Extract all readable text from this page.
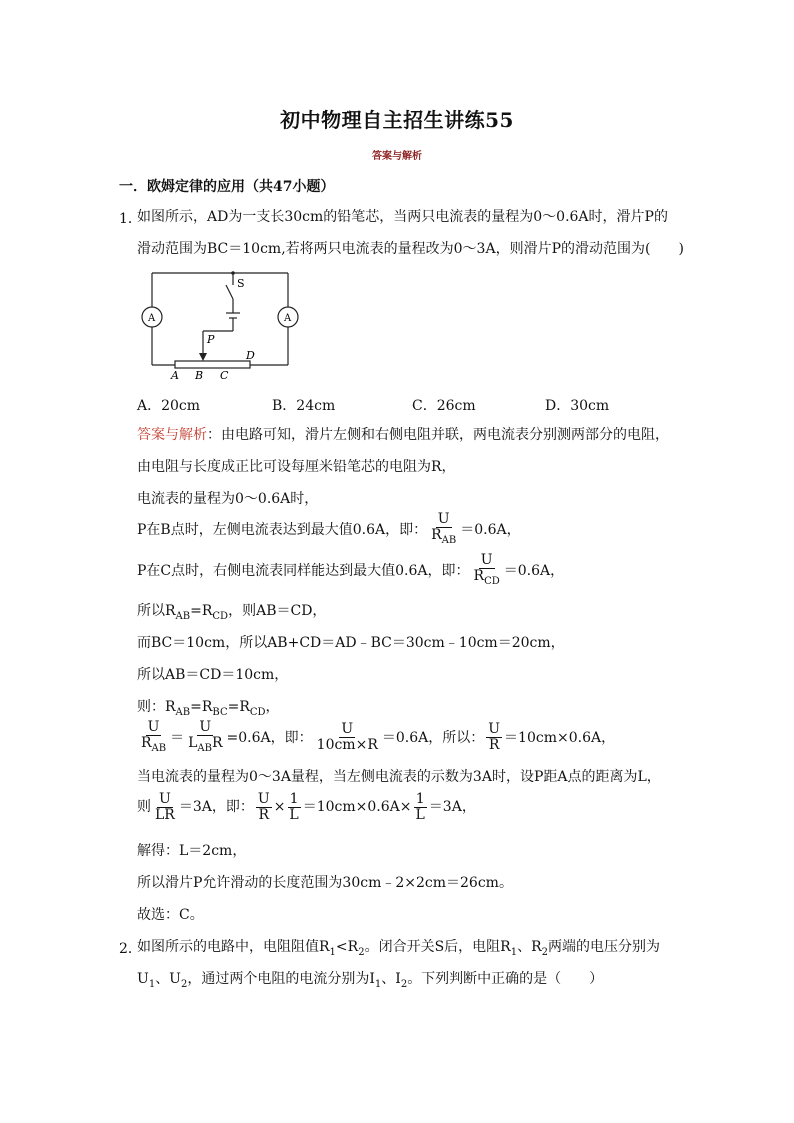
初中物理自主招生讲练55
答案与解析
一．欧姆定律的应用（共47小题）
1．
如图所示，AD为一支长30cm的铅笔芯，当两只电流表的量程为0～0.6A时，滑片P的
滑动范围为BC＝10cm,若将两只电流表的量程改为0～3A，则滑片P的滑动范围为(　　)
A	A
S
P
D
A B C
A．20cm	B．24cm	C．26cm	D．30cm
答案与解析：由电路可知，滑片左侧和右侧电阻并联，两电流表分别测两部分的电阻，
由电阻与长度成正比可设每厘米铅笔芯的电阻为R，
电流表的量程为0～0.6A时，
P在B点时，左侧电流表达到最大值0.6A，即： $\frac{U}{R_{AB}} =0.6A$，
P在C点时，右侧电流表同样能达到最大值0.6A，即： $\frac{U}{R_{CD}} =0.6A$，
所以$R_{AB}=R_{CD}$，则AB＝CD，
而BC＝10cm，所以AB+CD＝AD﹣BC＝30cm﹣10cm＝20cm，
所以AB＝CD＝10cm，
则：$R_{AB}=R_{BC}=R_{CD}$，
$\frac{U}{R_{AB}} = \frac{U}{L_{AB}R} =0.6A$，即： $\frac{U}{10cm\times R} =0.6A$，所以： $\frac{U}{R} =10cm\times 0.6A$，
当电流表的量程为0～3A量程，当左侧电流表的示数为3A时，设P距A点的距离为L，
则 $\frac{U}{LR} =3A$，即： $\frac{U}{R} \times \frac{1}{L} =10cm\times 0.6A\times \frac{1}{L} =3A$，
解得：L＝2cm，
所以滑片P允许滑动的长度范围为30cm﹣2×2cm＝26cm。
故选：C。
2．
如图所示的电路中，电阻阻值$R_1<R_2$。闭合开关S后，电阻$R_1$、$R_2$两端的电压分别为
$U_1$、$U_2$，通过两个电阻的电流分别为$I_1$、$I_2$。下列判断中正确的是（　　）
